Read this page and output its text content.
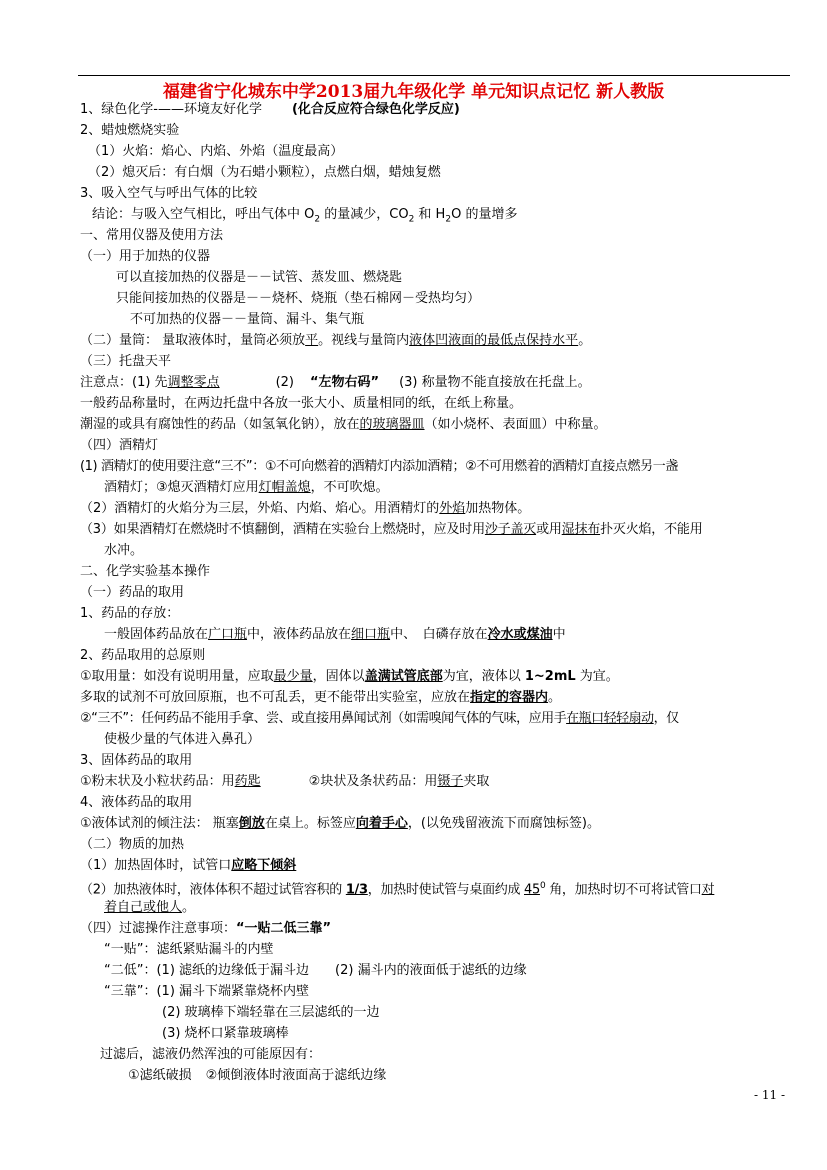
福建省宁化城东中学2013届九年级化学 单元知识点记忆 新人教版
1、绿色化学-——环境友好化学 (化合反应符合绿色化学反应)
2、蜡烛燃烧实验
（1）火焰：焰心、内焰、外焰（温度最高）
（2）熄灭后：有白烟（为石蜡小颗粒），点燃白烟，蜡烛复燃
3、吸入空气与呼出气体的比较
结论：与吸入空气相比，呼出气体中 $O_2$ 的量减少，$CO_2$ 和 $H_2O$ 的量增多
一、常用仪器及使用方法
（一）用于加热的仪器
可以直接加热的仪器是－－试管、蒸发皿、燃烧匙
只能间接加热的仪器是－－烧杯、烧瓶（垫石棉网－受热均匀）
不可加热的仪器－－量筒、漏斗、集气瓶
（二）量筒： 量取液体时，量筒必须放平。视线与量筒内液体凹液面的最低点保持水平。
（三）托盘天平
注意点：(1) 先调整零点	(2) “左物右码” (3) 称量物不能直接放在托盘上。
一般药品称量时，在两边托盘中各放一张大小、质量相同的纸，在纸上称量。
潮湿的或具有腐蚀性的药品（如氢氧化钠），放在的玻璃器皿（如小烧杯、表面皿）中称量。
（四）酒精灯
(1) 酒精灯的使用要注意“三不”：①不可向燃着的酒精灯内添加酒精；②不可用燃着的酒精灯直接点燃另一盏
酒精灯；③熄灭酒精灯应用灯帽盖熄，不可吹熄。
（2）酒精灯的火焰分为三层，外焰、内焰、焰心。用酒精灯的外焰加热物体。
（3）如果酒精灯在燃烧时不慎翻倒，酒精在实验台上燃烧时，应及时用沙子盖灭或用湿抹布扑灭火焰，不能用
水冲。
二、化学实验基本操作
（一）药品的取用
1、药品的存放：
一般固体药品放在广口瓶中，液体药品放在细口瓶中、　白磷存放在冷水或煤油中
2、药品取用的总原则
①取用量：如没有说明用量，应取最少量，固体以盖满试管底部为宜，液体以 1~2mL 为宜。
多取的试剂不可放回原瓶，也不可乱丢，更不能带出实验室，应放在指定的容器内。
②“三不”：任何药品不能用手拿、尝、或直接用鼻闻试剂（如需嗅闻气体的气味，应用手在瓶口轻轻扇动，仅
使极少量的气体进入鼻孔）
3、固体药品的取用
①粉末状及小粒状药品：用药匙	②块状及条状药品：用镊子夹取
4、液体药品的取用
①液体试剂的倾注法： 瓶塞倒放在桌上。标签应向着手心，(以免残留液流下而腐蚀标签)。
（二）物质的加热
（1）加热固体时，试管口应略下倾斜
（2）加热液体时，液体体积不超过试管容积的 1/3，加热时使试管与桌面约成 $45^0$ 角，加热时切不可将试管口对
着自己或他人。
（四）过滤操作注意事项：“一贴二低三靠”
“一贴”：滤纸紧贴漏斗的内壁
“二低”：(1) 滤纸的边缘低于漏斗边 (2) 漏斗内的液面低于滤纸的边缘
“三靠”：(1) 漏斗下端紧靠烧杯内壁
(2) 玻璃棒下端轻靠在三层滤纸的一边
(3) 烧杯口紧靠玻璃棒
过滤后，滤液仍然浑浊的可能原因有：
①滤纸破损 ②倾倒液体时液面高于滤纸边缘
- 11 -
